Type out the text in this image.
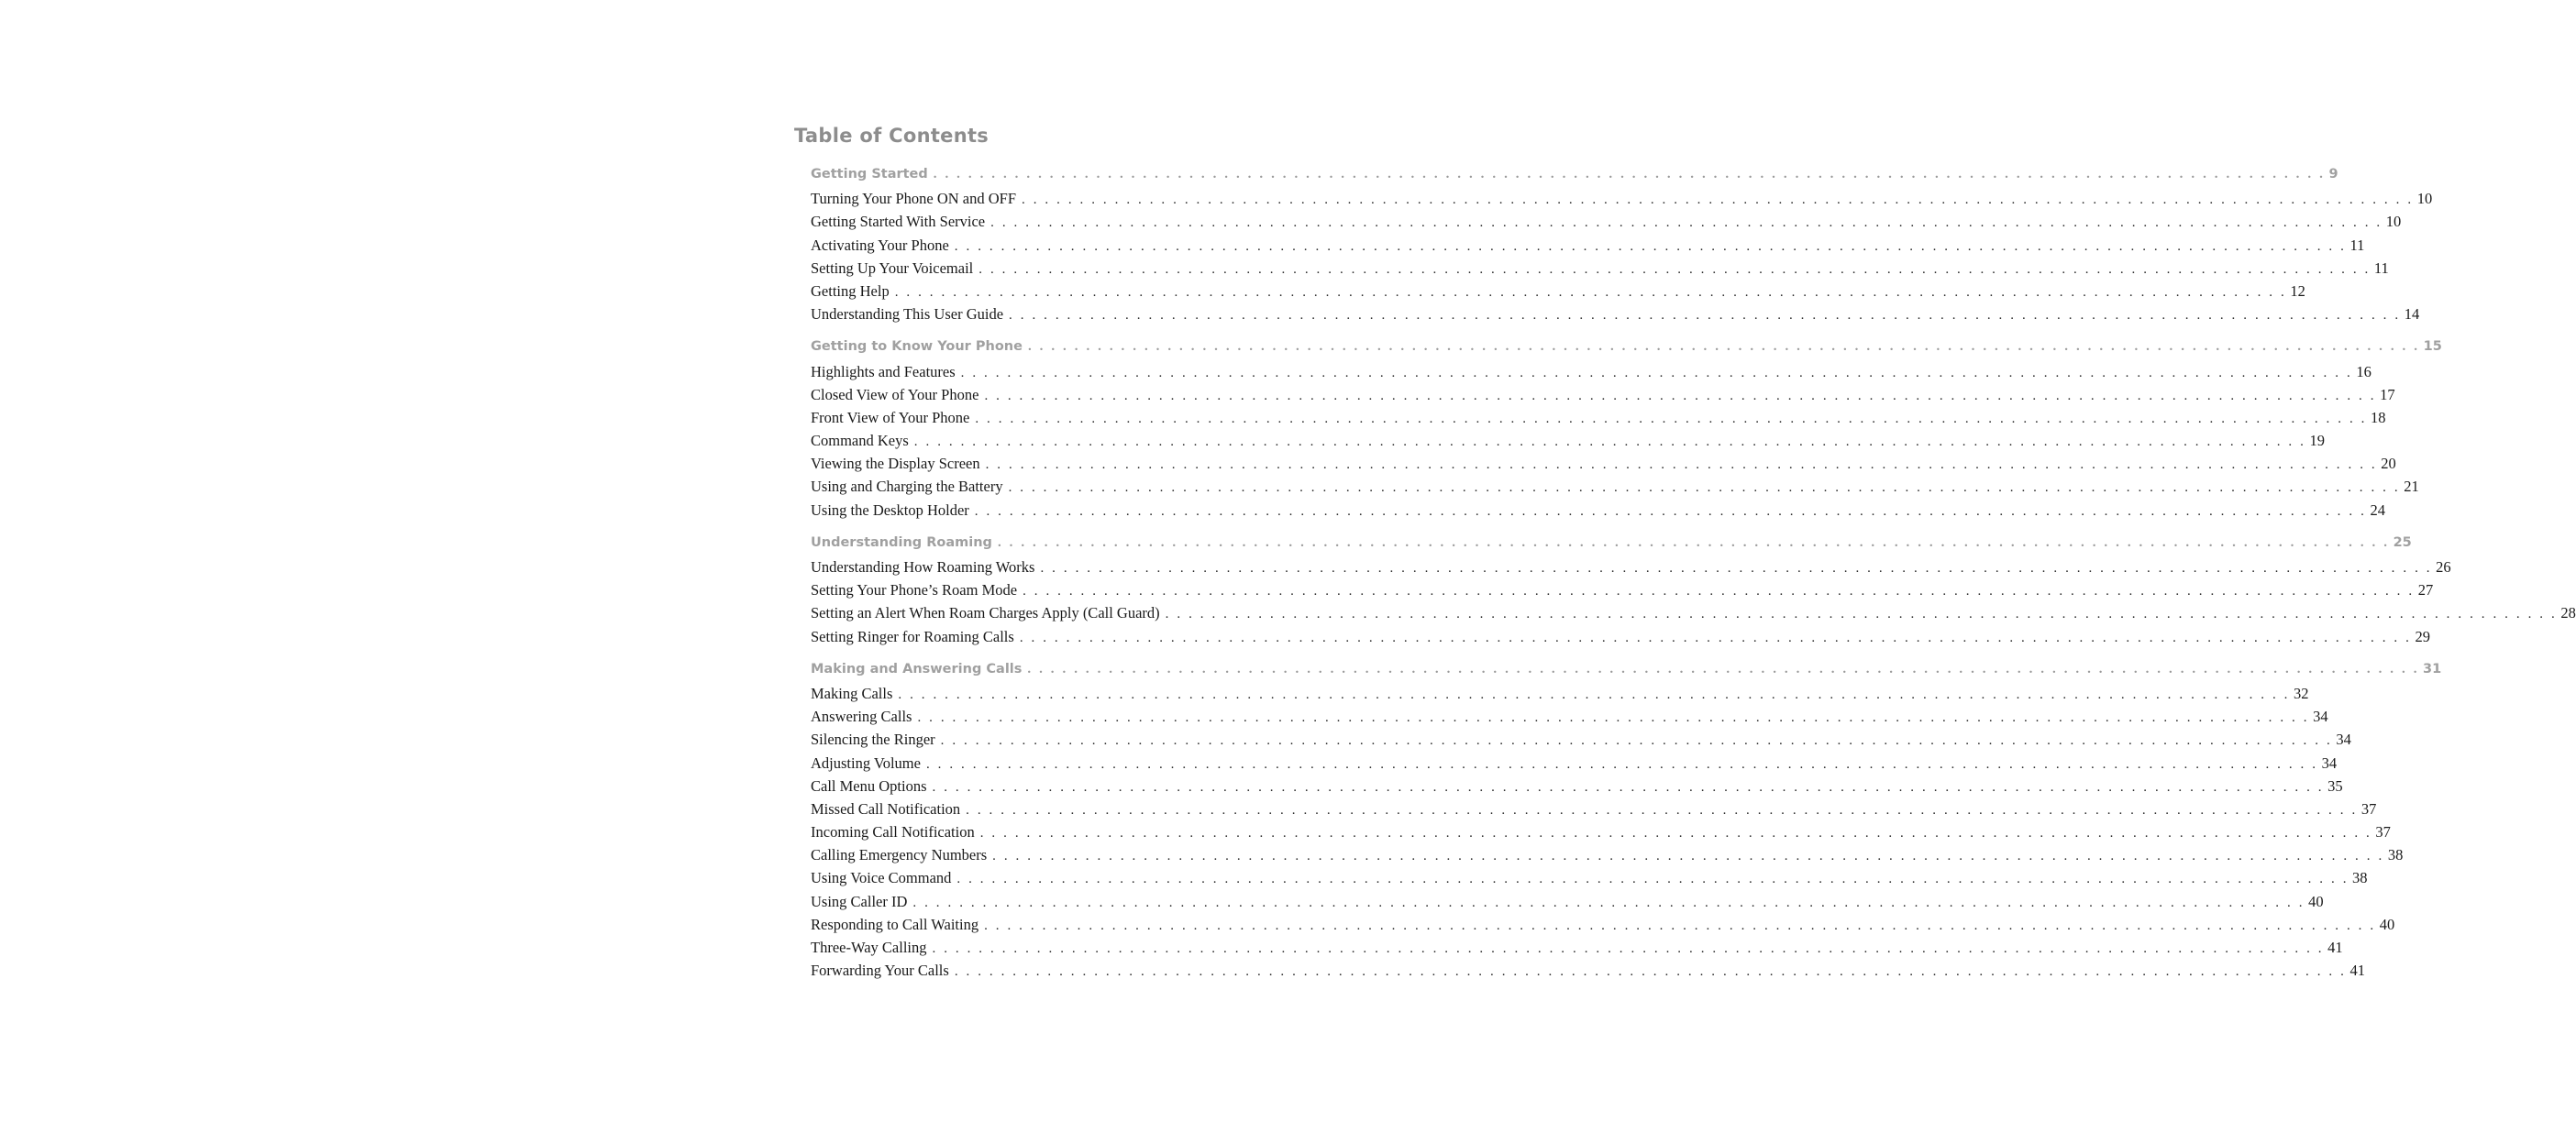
Table of Contents
Getting Started . . . . . . . . . . . . . . . . . . . . . . . . . . . . . . . . . . . . . . . . . . . . . . . . . . . . . . . . . . . . . . . . . . . . . . . . . . . . . . . . . . . . . . . . . . . . . . . . . . . . . . . . . . . . . . . . . . . . . . . . 9
Turning Your Phone ON and OFF . . . . . . . . . . . . . . . . . . . . . . . . . . . . . . . . . . . . . . . . . . . . . . . . . . . . . . . . . . . . . . . . . . . . . . . . . . . . . . . . . . . . . . . . . . . . . . . . . . . . . . . . . . . . . . . . . . . . . . . . 10
Getting Started With Service . . . . . . . . . . . . . . . . . . . . . . . . . . . . . . . . . . . . . . . . . . . . . . . . . . . . . . . . . . . . . . . . . . . . . . . . . . . . . . . . . . . . . . . . . . . . . . . . . . . . . . . . . . . . . . . . . . . . . . . . 10
Activating Your Phone . . . . . . . . . . . . . . . . . . . . . . . . . . . . . . . . . . . . . . . . . . . . . . . . . . . . . . . . . . . . . . . . . . . . . . . . . . . . . . . . . . . . . . . . . . . . . . . . . . . . . . . . . . . . . . . . . . . . . . . . 11
Setting Up Your Voicemail . . . . . . . . . . . . . . . . . . . . . . . . . . . . . . . . . . . . . . . . . . . . . . . . . . . . . . . . . . . . . . . . . . . . . . . . . . . . . . . . . . . . . . . . . . . . . . . . . . . . . . . . . . . . . . . . . . . . . . . . 11
Getting Help . . . . . . . . . . . . . . . . . . . . . . . . . . . . . . . . . . . . . . . . . . . . . . . . . . . . . . . . . . . . . . . . . . . . . . . . . . . . . . . . . . . . . . . . . . . . . . . . . . . . . . . . . . . . . . . . . . . . . . . . 12
Understanding This User Guide . . . . . . . . . . . . . . . . . . . . . . . . . . . . . . . . . . . . . . . . . . . . . . . . . . . . . . . . . . . . . . . . . . . . . . . . . . . . . . . . . . . . . . . . . . . . . . . . . . . . . . . . . . . . . . . . . . . . . . . . 14
Getting to Know Your Phone . . . . . . . . . . . . . . . . . . . . . . . . . . . . . . . . . . . . . . . . . . . . . . . . . . . . . . . . . . . . . . . . . . . . . . . . . . . . . . . . . . . . . . . . . . . . . . . . . . . . . . . . . . . . . . . . . . . . . . . . 15
Highlights and Features . . . . . . . . . . . . . . . . . . . . . . . . . . . . . . . . . . . . . . . . . . . . . . . . . . . . . . . . . . . . . . . . . . . . . . . . . . . . . . . . . . . . . . . . . . . . . . . . . . . . . . . . . . . . . . . . . . . . . . . . 16
Closed View of Your Phone . . . . . . . . . . . . . . . . . . . . . . . . . . . . . . . . . . . . . . . . . . . . . . . . . . . . . . . . . . . . . . . . . . . . . . . . . . . . . . . . . . . . . . . . . . . . . . . . . . . . . . . . . . . . . . . . . . . . . . . . 17
Front View of Your Phone . . . . . . . . . . . . . . . . . . . . . . . . . . . . . . . . . . . . . . . . . . . . . . . . . . . . . . . . . . . . . . . . . . . . . . . . . . . . . . . . . . . . . . . . . . . . . . . . . . . . . . . . . . . . . . . . . . . . . . . . 18
Command Keys . . . . . . . . . . . . . . . . . . . . . . . . . . . . . . . . . . . . . . . . . . . . . . . . . . . . . . . . . . . . . . . . . . . . . . . . . . . . . . . . . . . . . . . . . . . . . . . . . . . . . . . . . . . . . . . . . . . . . . . . 19
Viewing the Display Screen . . . . . . . . . . . . . . . . . . . . . . . . . . . . . . . . . . . . . . . . . . . . . . . . . . . . . . . . . . . . . . . . . . . . . . . . . . . . . . . . . . . . . . . . . . . . . . . . . . . . . . . . . . . . . . . . . . . . . . . . 20
Using and Charging the Battery . . . . . . . . . . . . . . . . . . . . . . . . . . . . . . . . . . . . . . . . . . . . . . . . . . . . . . . . . . . . . . . . . . . . . . . . . . . . . . . . . . . . . . . . . . . . . . . . . . . . . . . . . . . . . . . . . . . . . . . . 21
Using the Desktop Holder . . . . . . . . . . . . . . . . . . . . . . . . . . . . . . . . . . . . . . . . . . . . . . . . . . . . . . . . . . . . . . . . . . . . . . . . . . . . . . . . . . . . . . . . . . . . . . . . . . . . . . . . . . . . . . . . . . . . . . . . 24
Understanding Roaming . . . . . . . . . . . . . . . . . . . . . . . . . . . . . . . . . . . . . . . . . . . . . . . . . . . . . . . . . . . . . . . . . . . . . . . . . . . . . . . . . . . . . . . . . . . . . . . . . . . . . . . . . . . . . . . . . . . . . . . . 25
Understanding How Roaming Works . . . . . . . . . . . . . . . . . . . . . . . . . . . . . . . . . . . . . . . . . . . . . . . . . . . . . . . . . . . . . . . . . . . . . . . . . . . . . . . . . . . . . . . . . . . . . . . . . . . . . . . . . . . . . . . . . . . . . . . . 26
Setting Your Phone’s Roam Mode . . . . . . . . . . . . . . . . . . . . . . . . . . . . . . . . . . . . . . . . . . . . . . . . . . . . . . . . . . . . . . . . . . . . . . . . . . . . . . . . . . . . . . . . . . . . . . . . . . . . . . . . . . . . . . . . . . . . . . . . 27
Setting an Alert When Roam Charges Apply (Call Guard) . . . . . . . . . . . . . . . . . . . . . . . . . . . . . . . . . . . . . . . . . . . . . . . . . . . . . . . . . . . . . . . . . . . . . . . . . . . . . . . . . . . . . . . . . . . . . . . . . . . . . . . . . . . . . . . . . . . . . . . . 28
Setting Ringer for Roaming Calls . . . . . . . . . . . . . . . . . . . . . . . . . . . . . . . . . . . . . . . . . . . . . . . . . . . . . . . . . . . . . . . . . . . . . . . . . . . . . . . . . . . . . . . . . . . . . . . . . . . . . . . . . . . . . . . . . . . . . . . . 29
Making and Answering Calls . . . . . . . . . . . . . . . . . . . . . . . . . . . . . . . . . . . . . . . . . . . . . . . . . . . . . . . . . . . . . . . . . . . . . . . . . . . . . . . . . . . . . . . . . . . . . . . . . . . . . . . . . . . . . . . . . . . . . . . . 31
Making Calls . . . . . . . . . . . . . . . . . . . . . . . . . . . . . . . . . . . . . . . . . . . . . . . . . . . . . . . . . . . . . . . . . . . . . . . . . . . . . . . . . . . . . . . . . . . . . . . . . . . . . . . . . . . . . . . . . . . . . . . . 32
Answering Calls . . . . . . . . . . . . . . . . . . . . . . . . . . . . . . . . . . . . . . . . . . . . . . . . . . . . . . . . . . . . . . . . . . . . . . . . . . . . . . . . . . . . . . . . . . . . . . . . . . . . . . . . . . . . . . . . . . . . . . . . 34
Silencing the Ringer . . . . . . . . . . . . . . . . . . . . . . . . . . . . . . . . . . . . . . . . . . . . . . . . . . . . . . . . . . . . . . . . . . . . . . . . . . . . . . . . . . . . . . . . . . . . . . . . . . . . . . . . . . . . . . . . . . . . . . . . 34
Adjusting Volume . . . . . . . . . . . . . . . . . . . . . . . . . . . . . . . . . . . . . . . . . . . . . . . . . . . . . . . . . . . . . . . . . . . . . . . . . . . . . . . . . . . . . . . . . . . . . . . . . . . . . . . . . . . . . . . . . . . . . . . . 34
Call Menu Options . . . . . . . . . . . . . . . . . . . . . . . . . . . . . . . . . . . . . . . . . . . . . . . . . . . . . . . . . . . . . . . . . . . . . . . . . . . . . . . . . . . . . . . . . . . . . . . . . . . . . . . . . . . . . . . . . . . . . . . . 35
Missed Call Notification . . . . . . . . . . . . . . . . . . . . . . . . . . . . . . . . . . . . . . . . . . . . . . . . . . . . . . . . . . . . . . . . . . . . . . . . . . . . . . . . . . . . . . . . . . . . . . . . . . . . . . . . . . . . . . . . . . . . . . . . 37
Incoming Call Notification . . . . . . . . . . . . . . . . . . . . . . . . . . . . . . . . . . . . . . . . . . . . . . . . . . . . . . . . . . . . . . . . . . . . . . . . . . . . . . . . . . . . . . . . . . . . . . . . . . . . . . . . . . . . . . . . . . . . . . . . 37
Calling Emergency Numbers . . . . . . . . . . . . . . . . . . . . . . . . . . . . . . . . . . . . . . . . . . . . . . . . . . . . . . . . . . . . . . . . . . . . . . . . . . . . . . . . . . . . . . . . . . . . . . . . . . . . . . . . . . . . . . . . . . . . . . . . 38
Using Voice Command . . . . . . . . . . . . . . . . . . . . . . . . . . . . . . . . . . . . . . . . . . . . . . . . . . . . . . . . . . . . . . . . . . . . . . . . . . . . . . . . . . . . . . . . . . . . . . . . . . . . . . . . . . . . . . . . . . . . . . . . 38
Using Caller ID . . . . . . . . . . . . . . . . . . . . . . . . . . . . . . . . . . . . . . . . . . . . . . . . . . . . . . . . . . . . . . . . . . . . . . . . . . . . . . . . . . . . . . . . . . . . . . . . . . . . . . . . . . . . . . . . . . . . . . . . 40
Responding to Call Waiting . . . . . . . . . . . . . . . . . . . . . . . . . . . . . . . . . . . . . . . . . . . . . . . . . . . . . . . . . . . . . . . . . . . . . . . . . . . . . . . . . . . . . . . . . . . . . . . . . . . . . . . . . . . . . . . . . . . . . . . . 40
Three-Way Calling . . . . . . . . . . . . . . . . . . . . . . . . . . . . . . . . . . . . . . . . . . . . . . . . . . . . . . . . . . . . . . . . . . . . . . . . . . . . . . . . . . . . . . . . . . . . . . . . . . . . . . . . . . . . . . . . . . . . . . . . 41
Forwarding Your Calls . . . . . . . . . . . . . . . . . . . . . . . . . . . . . . . . . . . . . . . . . . . . . . . . . . . . . . . . . . . . . . . . . . . . . . . . . . . . . . . . . . . . . . . . . . . . . . . . . . . . . . . . . . . . . . . . . . . . . . . . 41
